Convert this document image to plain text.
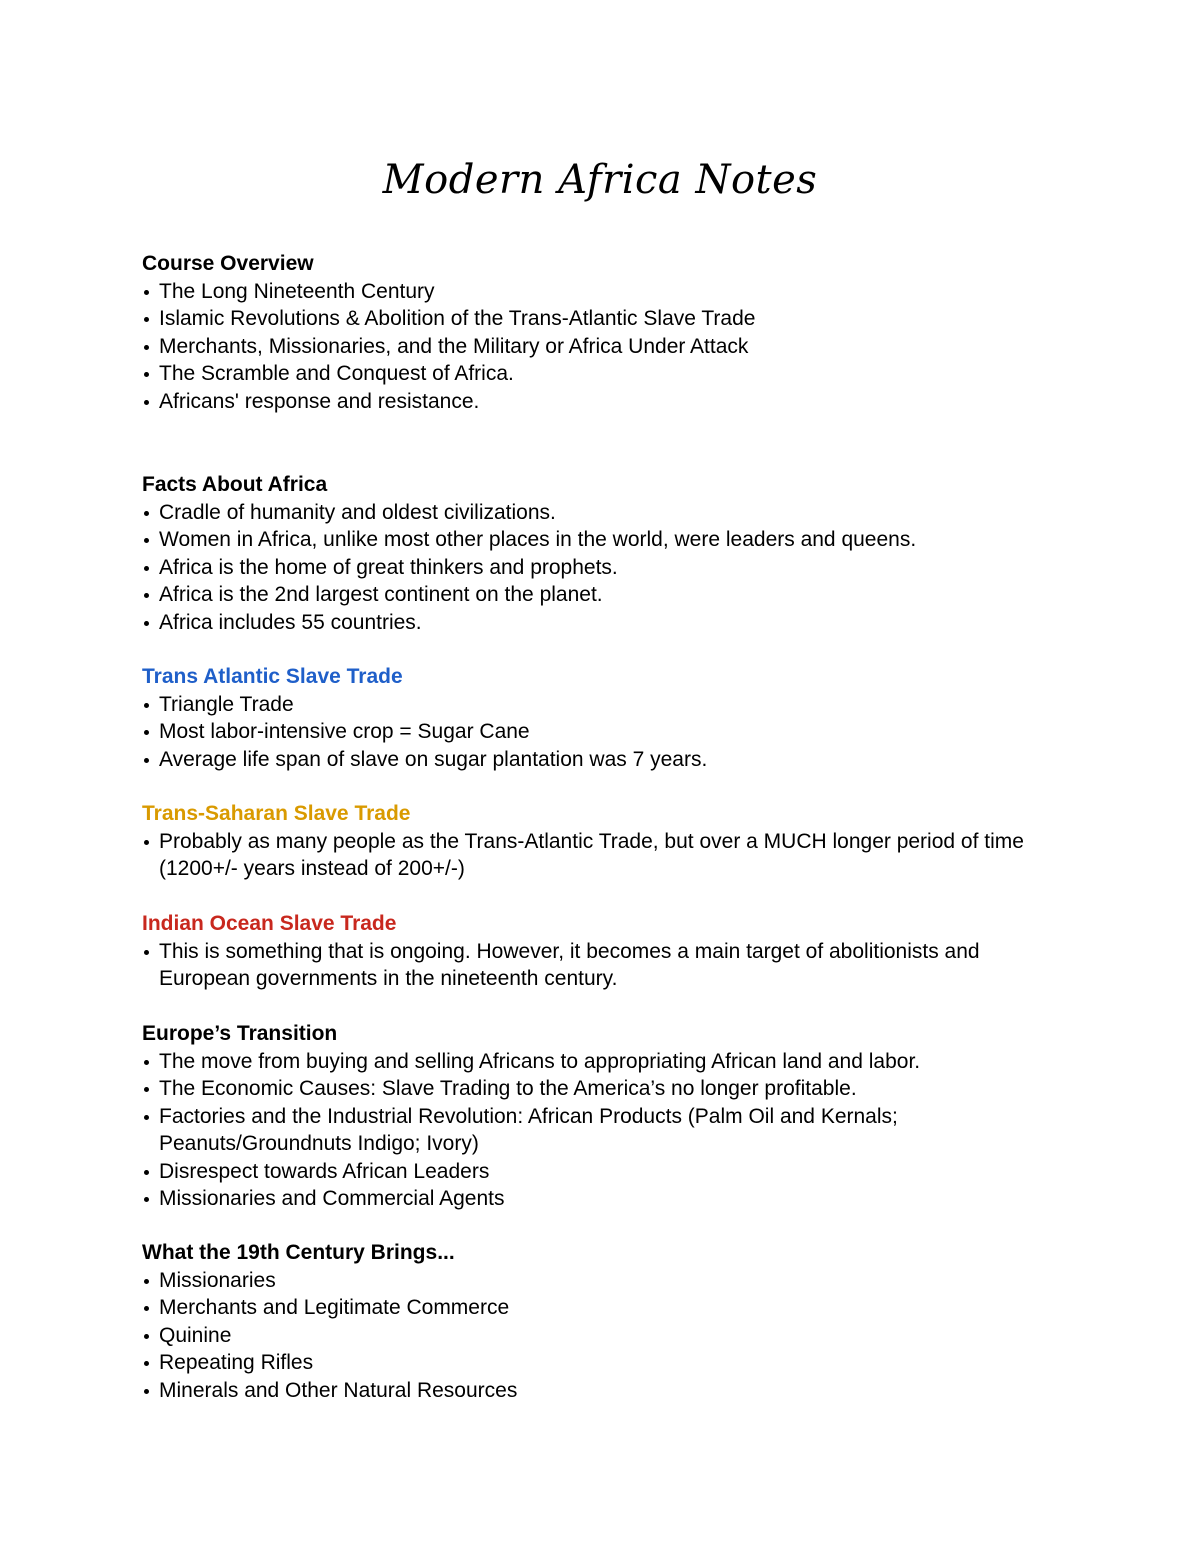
Modern Africa Notes
Course Overview
The Long Nineteenth Century
Islamic Revolutions & Abolition of the Trans-Atlantic Slave Trade
Merchants, Missionaries, and the Military or Africa Under Attack
The Scramble and Conquest of Africa.
Africans' response and resistance.
Facts About Africa
Cradle of humanity and oldest civilizations.
Women in Africa, unlike most other places in the world, were leaders and queens.
Africa is the home of great thinkers and prophets.
Africa is the 2nd largest continent on the planet.
Africa includes 55 countries.
Trans Atlantic Slave Trade
Triangle Trade
Most labor-intensive crop = Sugar Cane
Average life span of slave on sugar plantation was 7 years.
Trans-Saharan Slave Trade
Probably as many people as the Trans-Atlantic Trade, but over a MUCH longer period of time (1200+/- years instead of 200+/-)
Indian Ocean Slave Trade
This is something that is ongoing. However, it becomes a main target of abolitionists and European governments in the nineteenth century.
Europe’s Transition
The move from buying and selling Africans to appropriating African land and labor.
The Economic Causes: Slave Trading to the America’s no longer profitable.
Factories and the Industrial Revolution: African Products (Palm Oil and Kernals; Peanuts/Groundnuts Indigo; Ivory)
Disrespect towards African Leaders
Missionaries and Commercial Agents
What the 19th Century Brings...
Missionaries
Merchants and Legitimate Commerce
Quinine
Repeating Rifles
Minerals and Other Natural Resources
